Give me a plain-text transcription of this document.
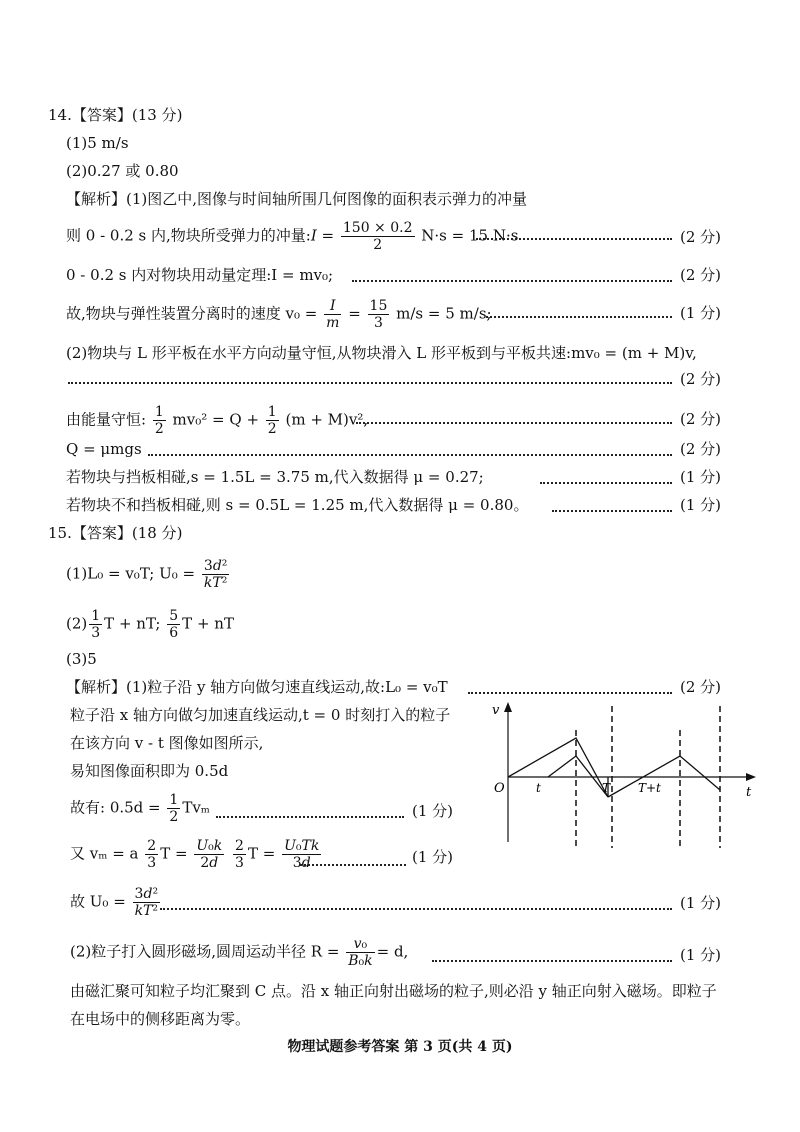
14.【答案】(13 分)
(1)5 m/s
(2)0.27 或 0.80
【解析】(1)图乙中,图像与时间轴所围几何图像的面积表示弹力的冲量
则 0 - 0.2 s 内,物块所受弹力的冲量:I = $\frac{150 \times 0.2}{2} N\cdot s = 15$ N·s	(2 分)
0 - 0.2 s 内对物块用动量定理:I = mv₀;	(2 分)
故,物块与弹性装置分离时的速度 $v_0 = \frac{I}{m} = \frac{15}{3} m/s = 5$ m/s;	(1 分)
(2)物块与 L 形平板在水平方向动量守恒,从物块滑入 L 形平板到与平板共速:mv₀ = (m + M)v,
(2 分)
由能量守恒: $\frac{1}{2} mv_0^2 = Q + \frac{1}{2} (m + M)v^2$,	(2 分)
Q = μmgs	(2 分)
若物块与挡板相碰,s = 1.5L = 3.75 m,代入数据得 μ = 0.27;	(1 分)
若物块不和挡板相碰,则 s = 0.5L = 1.25 m,代入数据得 μ = 0.80。	(1 分)
15.【答案】(18 分)
(1)L₀ = v₀T; $U_0 = \frac{\text{3d²}}{\text{kT²}}$
$(2) \frac{1}{3}$ T + nT; $\frac{5}{6}$ T + nT
(3)5
【解析】(1)粒子沿 y 轴方向做匀速直线运动,故:L₀ = v₀T	(2 分)
粒子沿 x 轴方向做匀加速直线运动,t = 0 时刻打入的粒子
在该方向 v - t 图像如图所示,
易知图像面积即为 0.5d
故有: $0.5d = \frac{1}{2}$ Tvₘ	(1 分)
又 vₘ = a $\frac{2}{3}$ $T = \frac{\text{U₀k}}{2d}$
$\frac{2}{3}$ $T = \frac{\text{U₀Tk}}{3d}$	(1 分)
故 $U_0 = \frac{\text{3d²}}{\text{kT²}}$	(1 分)
(2)粒子打入圆形磁场,圆周运动半径 $R = \frac{\text{v₀}}{\text{B₀k}} = d$,	(1 分)
由磁汇聚可知粒子均汇聚到 C 点。沿 x 轴正向射出磁场的粒子,则必沿 y 轴正向射入磁场。即粒子
在电场中的侧移距离为零。
v
t
O	t	T T+t
物理试题参考答案 第 3 页(共 4 页)
